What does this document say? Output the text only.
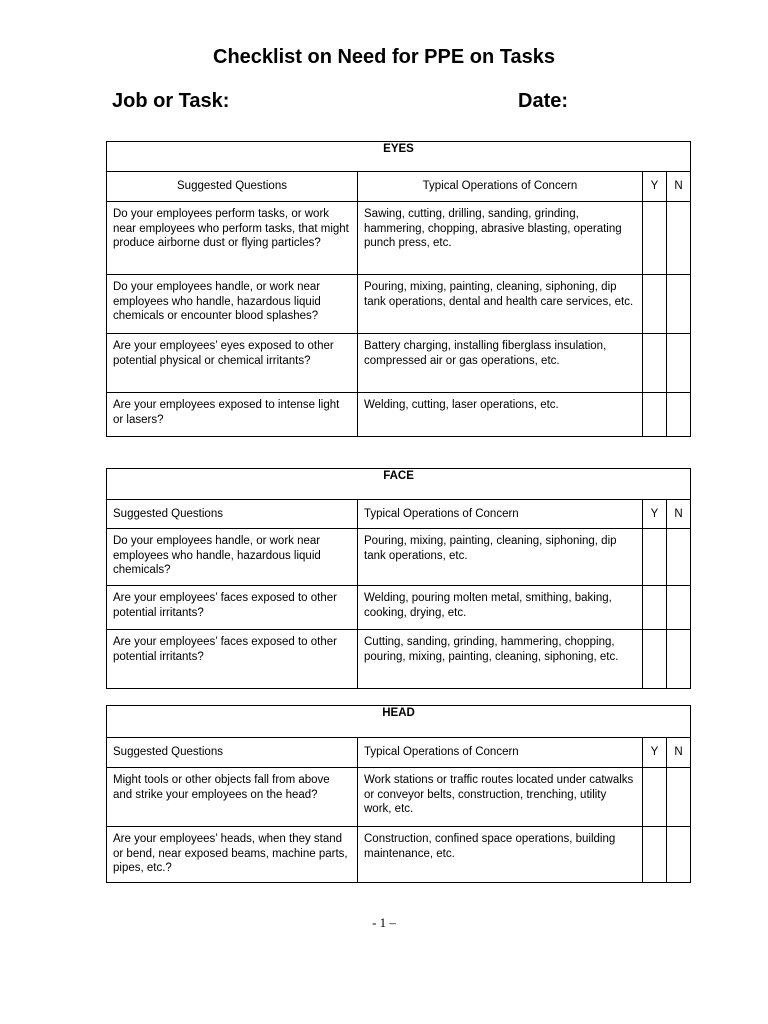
Checklist on Need for PPE on Tasks
Job or Task:	Date:
EYES			
Suggested Questions	Typical Operations of Concern	Y	N
Do your employees perform tasks, or work near employees who perform tasks, that might produce airborne dust or flying particles?	Sawing, cutting, drilling, sanding, grinding, hammering, chopping, abrasive blasting, operating punch press, etc.		
Do your employees handle, or work near employees who handle, hazardous liquid chemicals or encounter blood splashes?	Pouring, mixing, painting, cleaning, siphoning, dip tank operations, dental and health care services, etc.		
Are your employees’ eyes exposed to other potential physical or chemical irritants?	Battery charging, installing fiberglass insulation, compressed air or gas operations, etc.		
Are your employees exposed to intense light or lasers?	Welding, cutting, laser operations, etc.		
FACE			
Suggested Questions	Typical Operations of Concern	Y	N
Do your employees handle, or work near employees who handle, hazardous liquid chemicals?	Pouring, mixing, painting, cleaning, siphoning, dip tank operations, etc.		
Are your employees’ faces exposed to other potential irritants?	Welding, pouring molten metal, smithing, baking, cooking, drying, etc.		
Are your employees’ faces exposed to other potential irritants?	Cutting, sanding, grinding, hammering, chopping, pouring, mixing, painting, cleaning, siphoning, etc.		
HEAD			
Suggested Questions	Typical Operations of Concern	Y	N
Might tools or other objects fall from above and strike your employees on the head?	Work stations or traffic routes located under catwalks or conveyor belts, construction, trenching, utility work, etc.		
Are your employees’ heads, when they stand or bend, near exposed beams, machine parts, pipes, etc.?	Construction, confined space operations, building maintenance, etc.		
- 1 –
